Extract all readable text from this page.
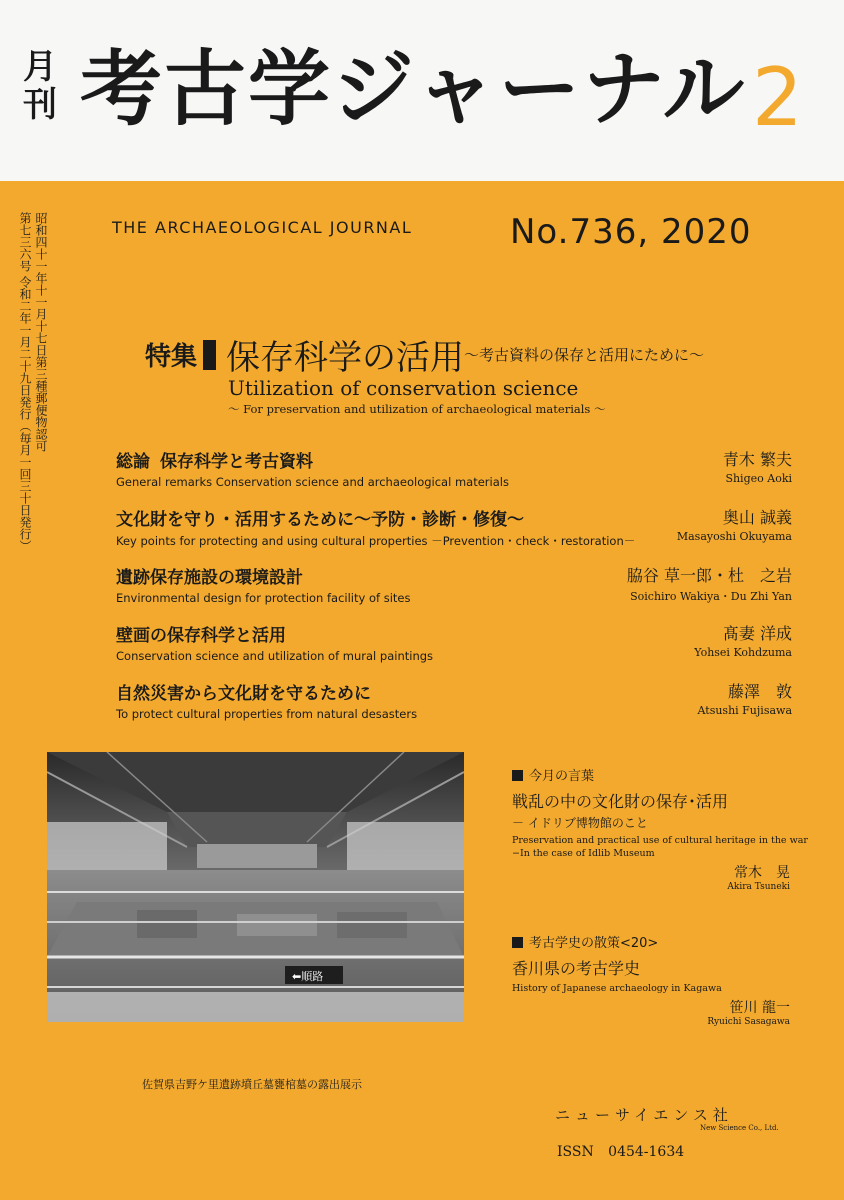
月
刊 考古学ジャーナル 2
第七三六号 令和二年一月二十九日発行（毎月一回三十日発行） 昭和四十一年十一月十七日第三種郵便物認可	THE ARCHAEOLOGICAL JOURNAL	No.736, 2020
特集 保存科学の活用～考古資料の保存と活用にために～
Utilization of conservation science
～ For preservation and utilization of archaeological materials ～
総論 保存科学と考古資料
General remarks Conservation science and archaeological materials
青木 繁夫
Shigeo Aoki
文化財を守り・活用するために～予防・診断・修復～
Key points for protecting and using cultural properties －Prevention・check・restoration－
奥山 誠義
Masayoshi Okuyama
遺跡保存施設の環境設計
Environmental design for protection facility of sites
脇谷 草一郎・杜　之岩
Soichiro Wakiya・Du Zhi Yan
壁画の保存科学と活用
Conservation science and utilization of mural paintings
髙妻 洋成
Yohsei Kohdzuma
自然災害から文化財を守るために
To protect cultural properties from natural desasters
藤澤　敦
Atsushi Fujisawa
⬅順路
佐賀県吉野ケ里遺跡墳丘墓甕棺墓の露出展示
今月の言葉
戦乱の中の文化財の保存･活用
－ イドリブ博物館のこと
Preservation and practical use of cultural heritage in the war
−In the case of Idlib Museum
常木　晃
Akira Tsuneki
考古学史の散策<20>
香川県の考古学史
History of Japanese archaeology in Kagawa
笹川 龍一
Ryuichi Sasagawa
ニューサイエンス社
New Science Co., Ltd.
ISSN 0454-1634
